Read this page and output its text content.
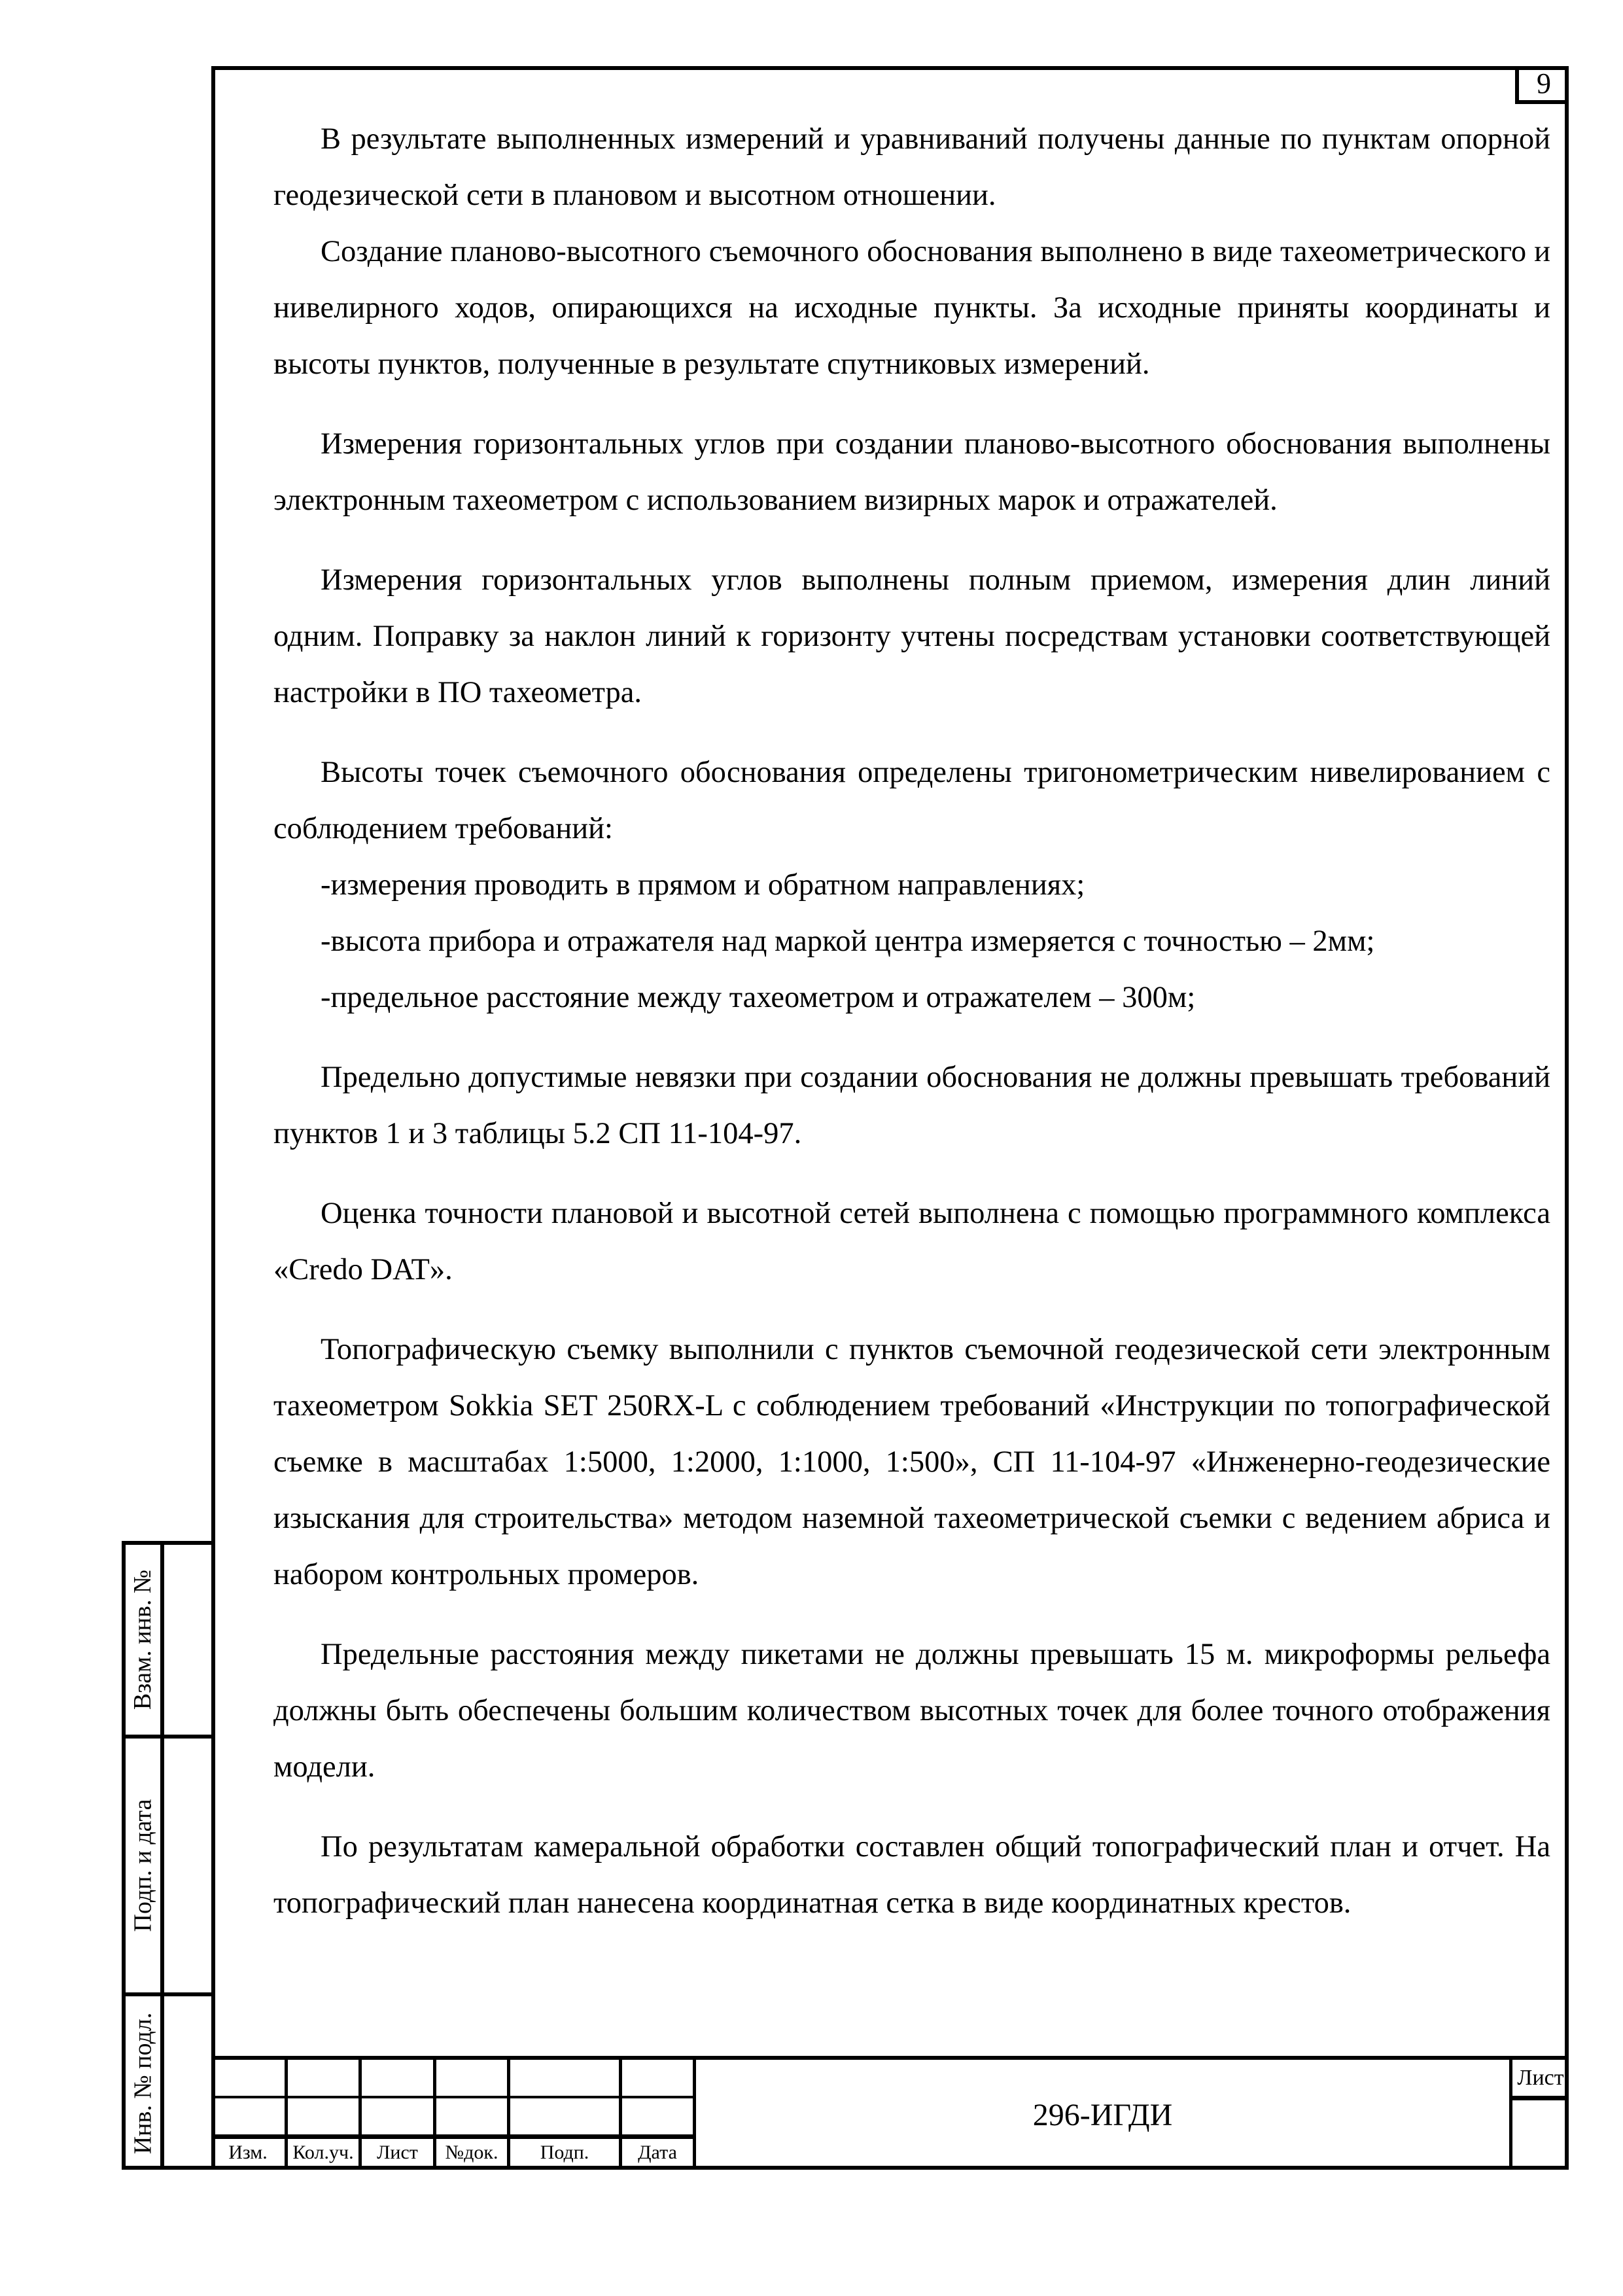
9

В результате выполненных измерений и уравниваний получены данные по пунктам опорной геодезической сети в плановом и высотном отношении.

Создание планово-высотного съемочного обоснования выполнено в виде тахеометрического и нивелирного ходов, опирающихся на исходные пункты. За исходные приняты координаты и высоты пунктов, полученные в результате спутниковых измерений.

Измерения горизонтальных углов при создании планово-высотного обоснования выполнены электронным тахеометром с использованием визирных марок и отражателей.

Измерения горизонтальных углов выполнены полным приемом, измерения длин линий одним. Поправку за наклон линий к горизонту учтены посредствам установки соответствующей настройки в ПО тахеометра.

Высоты точек съемочного обоснования определены тригонометрическим нивелированием с соблюдением требований:

-измерения проводить в прямом и обратном направлениях;

-высота прибора и отражателя над маркой центра измеряется с точностью – 2мм;

-предельное расстояние между тахеометром и отражателем – 300м;

Предельно допустимые невязки при создании обоснования не должны превышать требований пунктов 1 и 3 таблицы 5.2 СП 11-104-97.

Оценка точности плановой и высотной сетей выполнена с помощью программного комплекса «Credo DAT».

Топографическую съемку выполнили с пунктов съемочной геодезической сети электронным тахеометром Sokkia SET 250RX-L с соблюдением требований «Инструкции по топографической съемке в масштабах 1:5000, 1:2000, 1:1000, 1:500», СП 11-104-97 «Инженерно-геодезические изыскания для строительства» методом наземной тахеометрической съемки с ведением абриса и набором контрольных промеров.

Предельные расстояния между пикетами не должны превышать 15 м. микроформы рельефа должны быть обеспечены большим количеством высотных точек для более точного отображения модели.

По результатам камеральной обработки составлен общий топографический план и отчет. На топографический план нанесена координатная сетка в виде координатных крестов.

Взам. инв. №
Подп. и дата
Инв. № подл.	Изм.	Кол.уч.	Лист	№док.	Подп.	Дата
296-ИГДИ
Лист
